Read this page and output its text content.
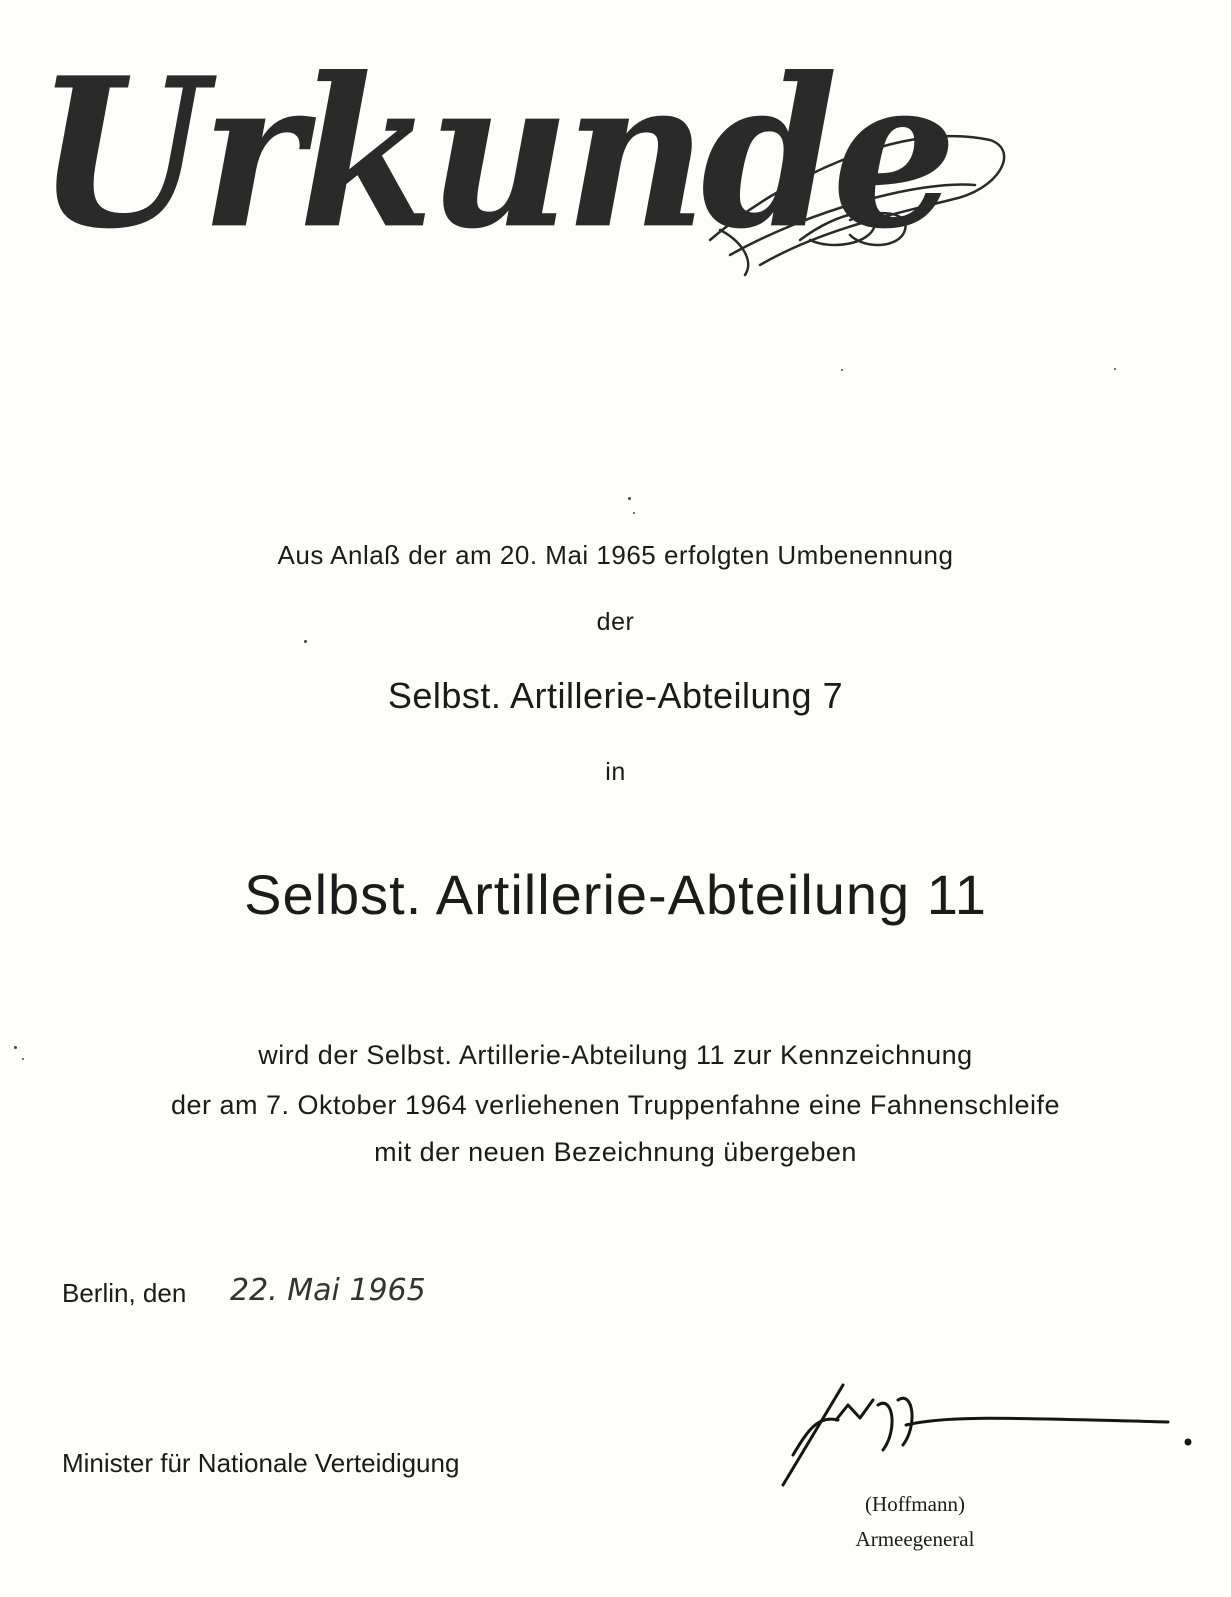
Urkunde
Aus Anlaß der am 20. Mai 1965 erfolgten Umbenennung
der
Selbst. Artillerie-Abteilung 7
in
Selbst. Artillerie-Abteilung 11
wird der Selbst. Artillerie-Abteilung 11 zur Kennzeichnung
der am 7. Oktober 1964 verliehenen Truppenfahne eine Fahnenschleife
mit der neuen Bezeichnung übergeben
Berlin, den 22. Mai 1965
Minister für Nationale Verteidigung
(Hoffmann)
Armeegeneral
